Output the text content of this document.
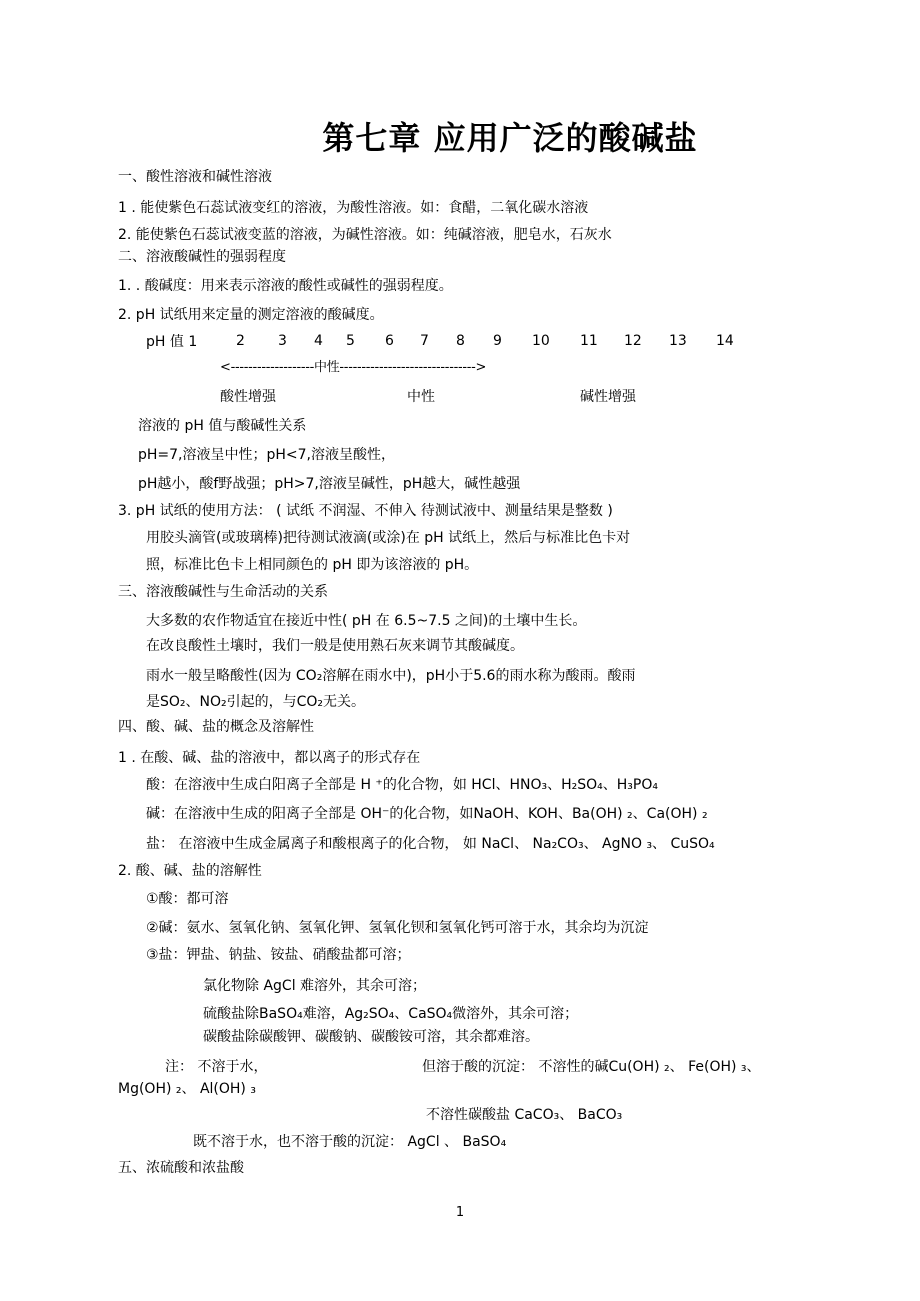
第七章 应用广泛的酸碱盐
一、酸性溶液和碱性溶液
1 . 能使紫色石蕊试液变红的溶液，为酸性溶液。如：食醋，二氧化碳水溶液
2. 能使紫色石蕊试液变蓝的溶液，为碱性溶液。如：纯碱溶液，肥皂水，石灰水
二、溶液酸碱性的强弱程度
1. . 酸碱度：用来表示溶液的酸性或碱性的强弱程度。
2. pH 试纸用来定量的测定溶液的酸碱度。
pH 值 1	2 3 4 5 6 7 8 9 10 11 12 13 14
<-------------------中性------------------------------->
酸性增强	中性	碱性增强
溶液的 pH 值与酸碱性关系
pH=7,溶液呈中性；pH<7,溶液呈酸性，
pH越小，酸f野战强；pH>7,溶液呈碱性，pH越大，碱性越强
3. pH 试纸的使用方法： ( 试纸 不润湿、不伸入 待测试液中、测量结果是整数 )
用胶头滴管(或玻璃棒)把待测试液滴(或涂)在 pH 试纸上，然后与标准比色卡对
照，标准比色卡上相同颜色的 pH 即为该溶液的 pH。
三、溶液酸碱性与生命活动的关系
大多数的农作物适宜在接近中性( pH 在 6.5~7.5 之间)的土壤中生长。
在改良酸性土壤时，我们一般是使用熟石灰来调节其酸碱度。
雨水一般呈略酸性(因为 CO₂溶解在雨水中)，pH小于5.6的雨水称为酸雨。酸雨
是SO₂、NO₂引起的，与CO₂无关。
四、酸、碱、盐的概念及溶解性
1 . 在酸、碱、盐的溶液中，都以离子的形式存在
酸：在溶液中生成白阳离子全部是 H ⁺的化合物，如 HCl、HNO₃、H₂SO₄、H₃PO₄
碱：在溶液中生成的阳离子全部是 OH⁻的化合物，如NaOH、KOH、Ba(OH) ₂、Ca(OH) ₂
盐： 在溶液中生成金属离子和酸根离子的化合物， 如 NaCl、 Na₂CO₃、 AgNO ₃、 CuSO₄
2. 酸、碱、盐的溶解性
①酸：都可溶
②碱：氨水、氢氧化钠、氢氧化钾、氢氧化钡和氢氧化钙可溶于水，其余均为沉淀
③盐：钾盐、钠盐、铵盐、硝酸盐都可溶；
氯化物除 AgCl 难溶外，其余可溶；
硫酸盐除BaSO₄难溶，Ag₂SO₄、CaSO₄微溶外，其余可溶；
碳酸盐除碳酸钾、碳酸钠、碳酸铵可溶，其余都难溶。
注： 不溶于水，	但溶于酸的沉淀： 不溶性的碱Cu(OH) ₂、 Fe(OH) ₃、
Mg(OH) ₂、 Al(OH) ₃
不溶性碳酸盐 CaCO₃、 BaCO₃
既不溶于水，也不溶于酸的沉淀： AgCl 、 BaSO₄
五、浓硫酸和浓盐酸
1
